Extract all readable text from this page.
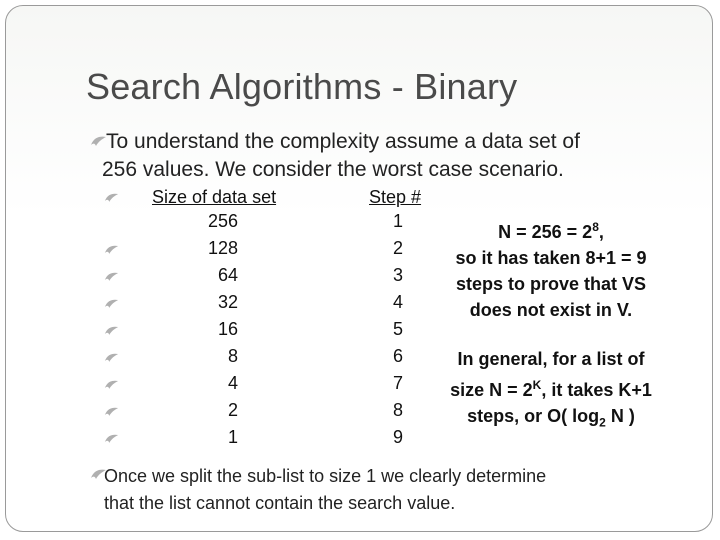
Search Algorithms - Binary
To understand the complexity assume a data set of
256 values. We consider the worst case scenario.
Size of data set	Step #
256	1
128	2
64	3
32	4
16	5
8	6
4	7
2	8
1	9
$N = 256 = 2^8$,
so it has taken 8+1 = 9
steps to prove that VS
does not exist in V.
In general, for a list of
size $N = 2^K$, it takes K+1
steps, or O( $\log_2 N$ )
Once we split the sub-list to size 1 we clearly determine
that the list cannot contain the search value.
